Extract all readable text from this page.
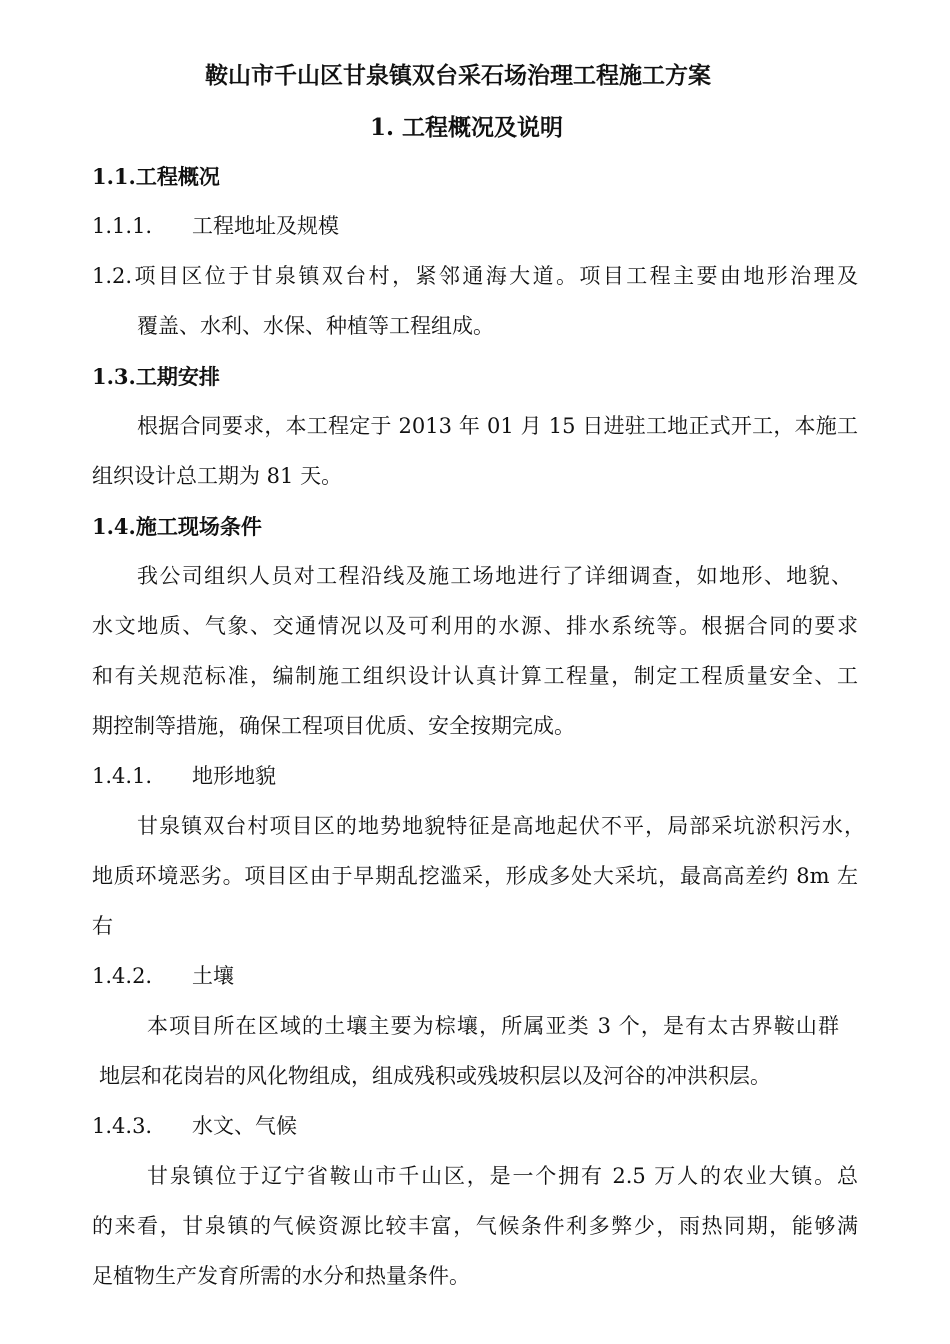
鞍山市千山区甘泉镇双台采石场治理工程施工方案
1. 工程概况及说明
1.1.工程概况
1.1.1. 工程地址及规模
1.2.项目区位于甘泉镇双台村，紧邻通海大道。项目工程主要由地形治理及
覆盖、水利、水保、种植等工程组成。
1.3.工期安排
根据合同要求，本工程定于 2013 年 01 月 15 日进驻工地正式开工，本施工
组织设计总工期为 81 天。
1.4.施工现场条件
我公司组织人员对工程沿线及施工场地进行了详细调查，如地形、地貌、
水文地质、气象、交通情况以及可利用的水源、排水系统等。根据合同的要求
和有关规范标准，编制施工组织设计认真计算工程量，制定工程质量安全、工
期控制等措施，确保工程项目优质、安全按期完成。
1.4.1. 地形地貌
甘泉镇双台村项目区的地势地貌特征是高地起伏不平，局部采坑淤积污水，
地质环境恶劣。项目区由于早期乱挖滥采，形成多处大采坑，最高高差约 8m 左
右
1.4.2. 土壤
本项目所在区域的土壤主要为棕壤，所属亚类 3 个，是有太古界鞍山群
地层和花岗岩的风化物组成，组成残积或残坡积层以及河谷的冲洪积层。
1.4.3. 水文、气候
甘泉镇位于辽宁省鞍山市千山区，是一个拥有 2.5 万人的农业大镇。总
的来看，甘泉镇的气候资源比较丰富，气候条件利多弊少，雨热同期，能够满
足植物生产发育所需的水分和热量条件。
